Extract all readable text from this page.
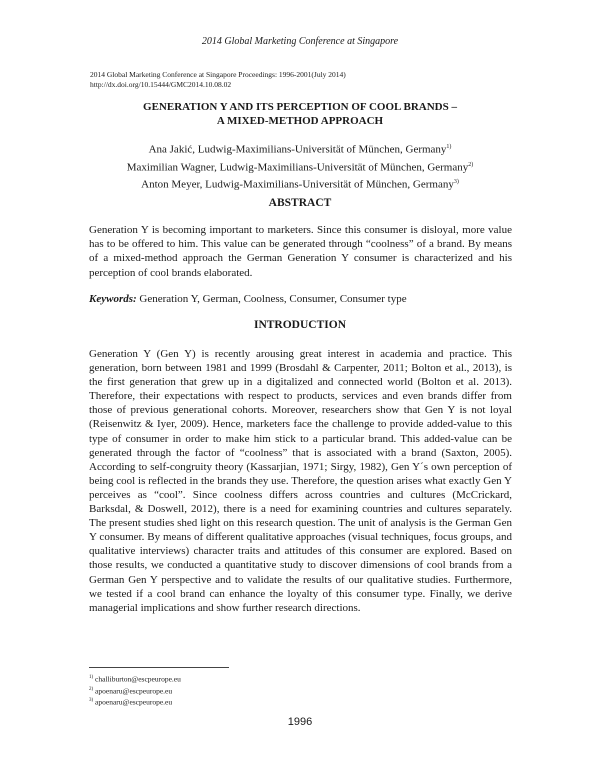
2014 Global Marketing Conference at Singapore
2014 Global Marketing Conference at Singapore Proceedings: 1996-2001(July 2014)
http://dx.doi.org/10.15444/GMC2014.10.08.02
GENERATION Y AND ITS PERCEPTION OF COOL BRANDS –
A MIXED-METHOD APPROACH
Ana Jakić, Ludwig-Maximilians-Universität of München, Germany$^{1)}$
Maximilian Wagner, Ludwig-Maximilians-Universität of München, Germany$^{2)}$
Anton Meyer, Ludwig-Maximilians-Universität of München, Germany$^{3)}$
ABSTRACT
Generation Y is becoming important to marketers. Since this consumer is disloyal, more value has to be offered to him. This value can be generated through “coolness” of a brand. By means of a mixed-method approach the German Generation Y consumer is characterized and his perception of cool brands elaborated.
Keywords: Generation Y, German, Coolness, Consumer, Consumer type
INTRODUCTION
Generation Y (Gen Y) is recently arousing great interest in academia and practice. This generation, born between 1981 and 1999 (Brosdahl & Carpenter, 2011; Bolton et al., 2013), is the first generation that grew up in a digitalized and connected world (Bolton et al. 2013). Therefore, their expectations with respect to products, services and even brands differ from those of previous generational cohorts. Moreover, researchers show that Gen Y is not loyal (Reisenwitz & Iyer, 2009). Hence, marketers face the challenge to provide added-value to this type of consumer in order to make him stick to a particular brand. This added-value can be generated through the factor of “coolness” that is associated with a brand (Saxton, 2005). According to self-congruity theory (Kassarjian, 1971; Sirgy, 1982), Gen Y´s own perception of being cool is reflected in the brands they use. Therefore, the question arises what exactly Gen Y perceives as “cool”. Since coolness differs across countries and cultures (McCrickard, Barksdal, & Doswell, 2012), there is a need for examining countries and cultures separately. The present studies shed light on this research question. The unit of analysis is the German Gen Y consumer. By means of different qualitative approaches (visual techniques, focus groups, and qualitative interviews) character traits and attitudes of this consumer are explored. Based on those results, we conducted a quantitative study to discover dimensions of cool brands from a German Gen Y perspective and to validate the results of our qualitative studies. Furthermore, we tested if a cool brand can enhance the loyalty of this consumer type. Finally, we derive managerial implications and show further research directions.
$^{1)}$ challiburton@escpeurope.eu
$^{2)}$ apoenaru@escpeurope.eu
$^{3)}$ apoenaru@escpeurope.eu
1996
